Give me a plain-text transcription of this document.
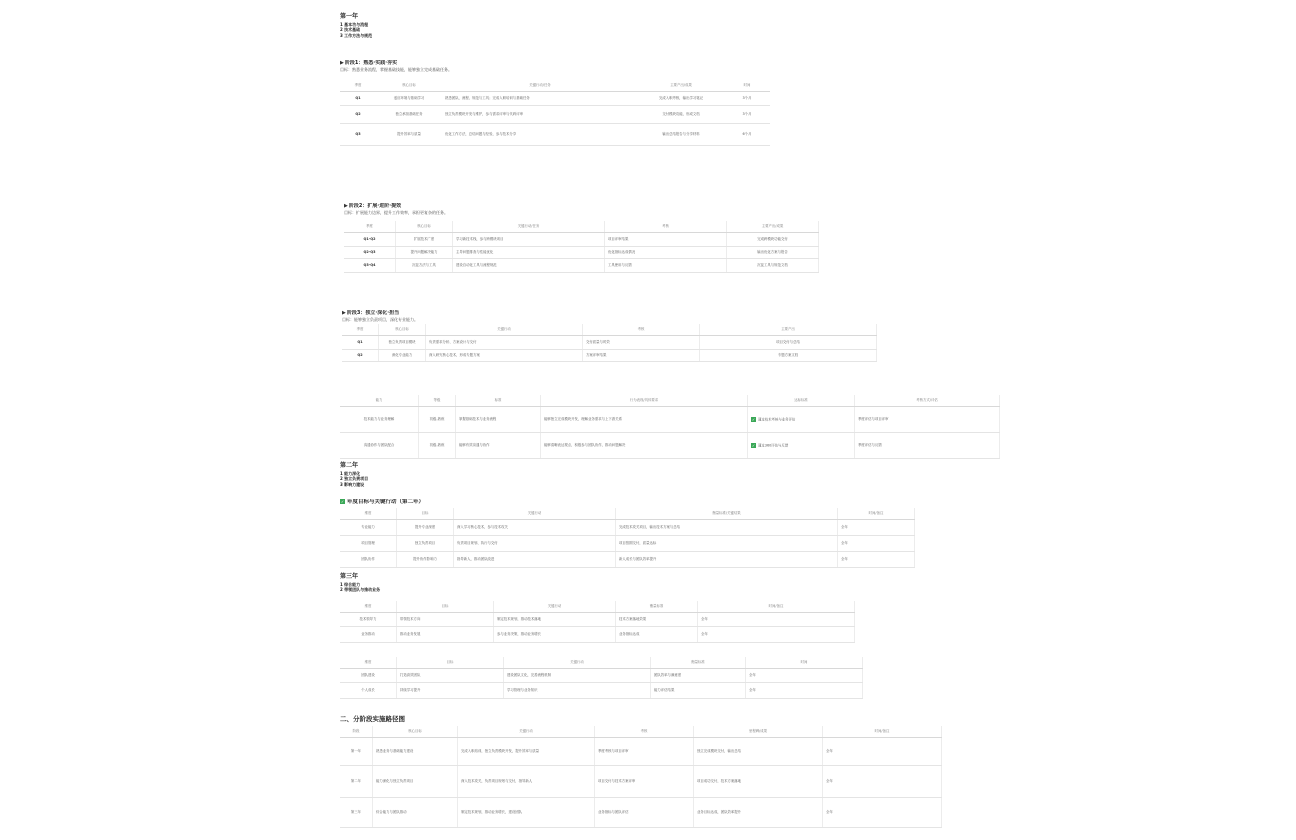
第一年
1 基本功与流程
2 技术基础
3 工作方法与规范
▶阶段1：熟悉·实践·夯实
目标：熟悉业务流程，掌握基础技能，能够独立完成基础任务。
季度	核心目标	关键行动/任务	主要产出/成果	时间
Q1	适应环境与基础学习	熟悉团队、流程、规范与工具；完成入职培训与基础任务	完成入职考核，输出学习笔记	3个月
Q2	独立承担基础任务	独立负责模块开发与维护，参与需求评审与代码评审	交付模块功能，形成文档	3个月
Q3	提升效率与质量	优化工作方法，总结问题与经验，参与技术分享	输出总结报告与分享材料	6个月
▶阶段2：扩展·进阶·提效
目标：扩展能力边界，提升工作效率，承担更复杂的任务。
季度	核心目标	关键行动/任务	考核	主要产出/成果
Q1-Q2	扩展技术广度	学习新技术栈，参与跨模块项目	项目评审结果	完成跨模块功能交付
Q2-Q3	提升问题解决能力	主导问题排查与性能优化	优化指标达成情况	输出优化方案与报告
Q3-Q4	沉淀方法与工具	建设自动化工具与流程规范	工具使用与反馈	沉淀工具与规范文档
▶阶段3：独立·深化·担当
目标：能够独立负责项目，深化专业能力。
季度	核心目标	关键行动	考核	主要产出
Q1	独立负责项目模块	负责需求分析、方案设计与交付	交付质量与时效	项目交付与总结
Q2	深化专业能力	深入研究核心技术，形成专题方案	方案评审结果	专题方案文档
能力	等级	标准	行为表现/具体要求	达标标准	考核方式/评估
技术能力与业务理解	初级-熟练	掌握基础技术与业务流程	能够独立完成模块开发，理解业务需求与上下游关系	✓ 通过技术考核与业务评估	季度评估与项目评审
沟通协作与团队配合	初级-熟练	能够有效沟通与协作	能够清晰表达观点，积极参与团队协作，推动问题解决	✓ 通过360评估与反馈	季度评估与反馈
第二年
1 能力深化
2 独立负责项目
3 影响力建设
✓ 年度目标与关键行动（第二年）
维度	目标	关键行动	衡量标准/关键结果	时间/备注
专业能力	提升专业深度	深入学习核心技术，参与技术攻关	完成技术攻关项目，输出技术方案与总结	全年
项目管理	独立负责项目	负责项目规划、执行与交付	项目按期交付，质量达标	全年
团队协作	提升协作影响力	指导新人，推动团队改进	新人成长与团队效率提升	全年
第三年
1 综合能力
2 带领团队与推动业务
维度	目标	关键行动	衡量标准	时间/备注
技术领导力	带领技术方向	制定技术规划，推动技术落地	技术方案落地效果	全年
业务推动	推动业务发展	参与业务决策，推动业务增长	业务指标达成	全年
维度	目标	关键行动	衡量标准	时间
团队建设	打造高效团队	建设团队文化，完善流程机制	团队效率与满意度	全年
个人成长	持续学习提升	学习管理与业务知识	能力评估结果	全年
二、分阶段实施路径图
阶段	核心目标	关键行动	考核	里程碑/成果	时间/备注
第一年	熟悉业务与基础能力建设	完成入职培训，独立负责模块开发，提升效率与质量	季度考核与项目评审	独立完成模块交付，输出总结	全年
第二年	能力深化与独立负责项目	深入技术攻关，负责项目规划与交付，指导新人	项目交付与技术方案评审	项目成功交付，技术方案落地	全年
第三年	综合能力与团队推动	制定技术规划，推动业务增长，建设团队	业务指标与团队评估	业务目标达成，团队效率提升	全年
